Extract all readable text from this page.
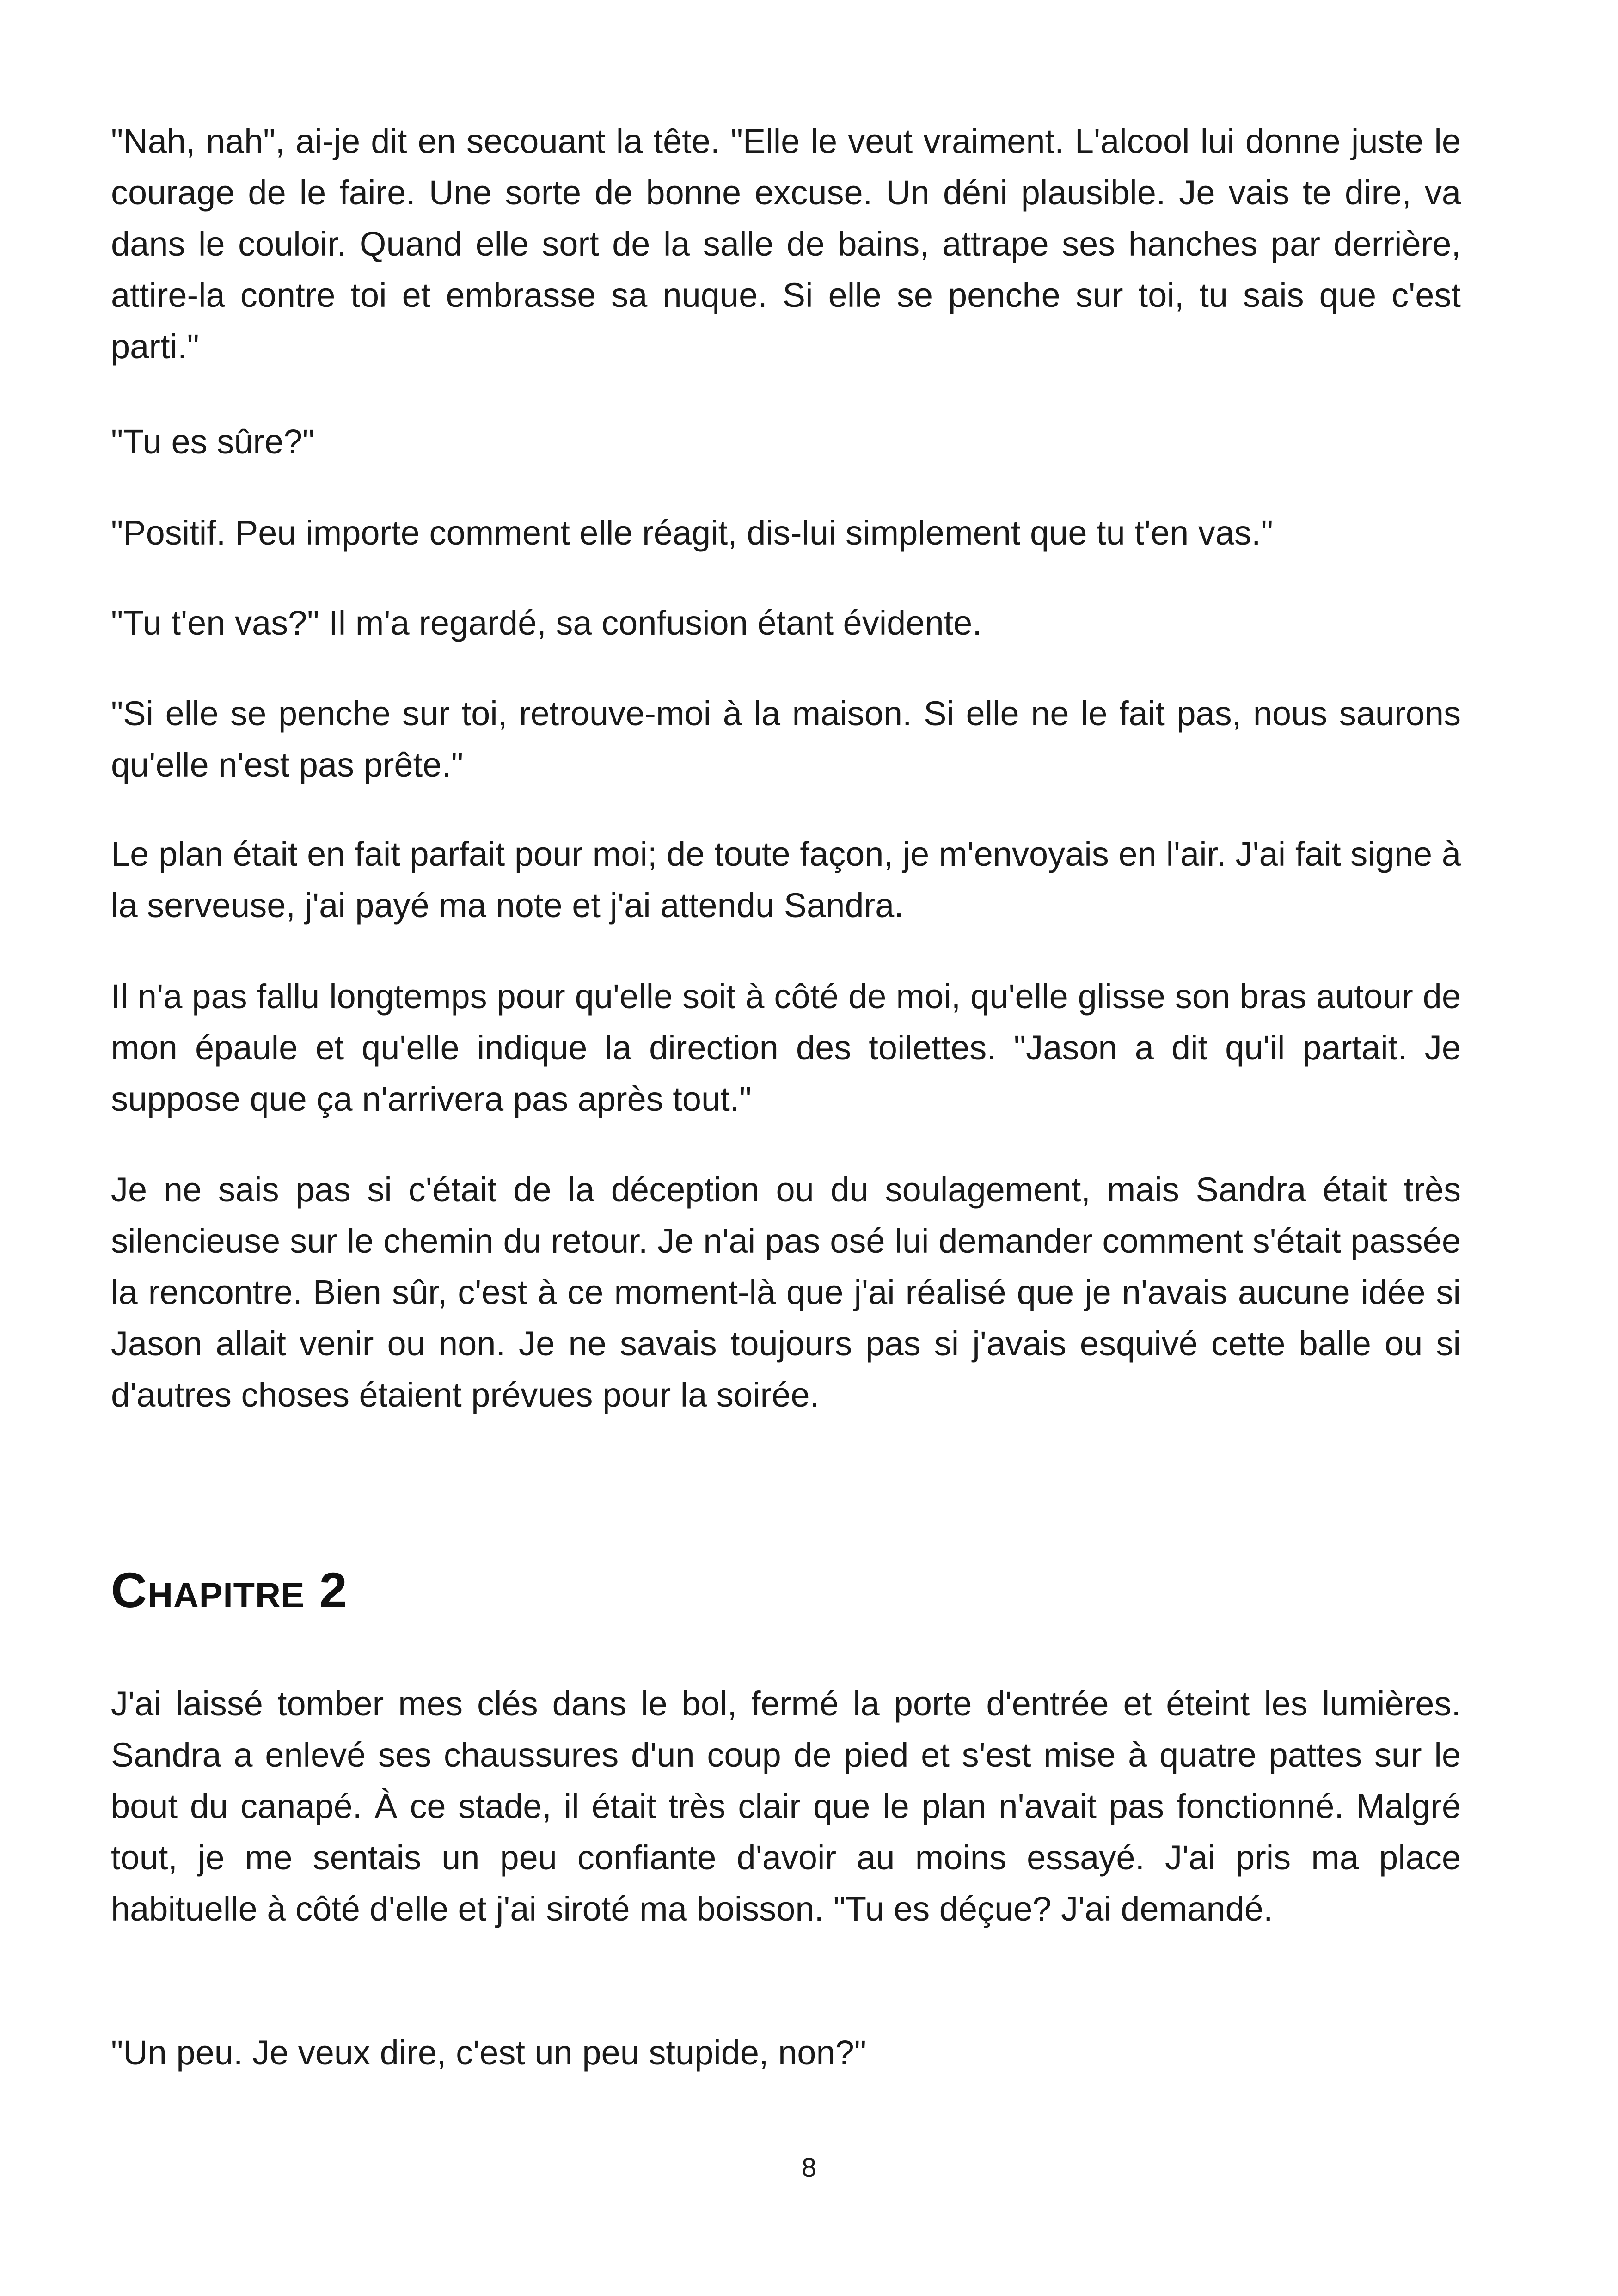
"Nah, nah", ai-je dit en secouant la tête. "Elle le veut vraiment. L'alcool lui donne juste le courage de le faire. Une sorte de bonne excuse. Un déni plausible. Je vais te dire, va dans le couloir. Quand elle sort de la salle de bains, attrape ses hanches par derrière, attire-la contre toi et embrasse sa nuque. Si elle se penche sur toi, tu sais que c'est parti."

"Tu es sûre?"

"Positif. Peu importe comment elle réagit, dis-lui simplement que tu t'en vas."

"Tu t'en vas?" Il m'a regardé, sa confusion étant évidente.

"Si elle se penche sur toi, retrouve-moi à la maison. Si elle ne le fait pas, nous saurons qu'elle n'est pas prête."

Le plan était en fait parfait pour moi; de toute façon, je m'envoyais en l'air. J'ai fait signe à la serveuse, j'ai payé ma note et j'ai attendu Sandra.

Il n'a pas fallu longtemps pour qu'elle soit à côté de moi, qu'elle glisse son bras autour de mon épaule et qu'elle indique la direction des toilettes. "Jason a dit qu'il partait. Je suppose que ça n'arrivera pas après tout."

Je ne sais pas si c'était de la déception ou du soulagement, mais Sandra était très silencieuse sur le chemin du retour. Je n'ai pas osé lui demander comment s'était passée la rencontre. Bien sûr, c'est à ce moment-là que j'ai réalisé que je n'avais aucune idée si Jason allait venir ou non. Je ne savais toujours pas si j'avais esquivé cette balle ou si d'autres choses étaient prévues pour la soirée.

Chapitre 2

J'ai laissé tomber mes clés dans le bol, fermé la porte d'entrée et éteint les lumières. Sandra a enlevé ses chaussures d'un coup de pied et s'est mise à quatre pattes sur le bout du canapé. À ce stade, il était très clair que le plan n'avait pas fonctionné. Malgré tout, je me sentais un peu confiante d'avoir au moins essayé. J'ai pris ma place habituelle à côté d'elle et j'ai siroté ma boisson. "Tu es déçue? J'ai demandé.

"Un peu. Je veux dire, c'est un peu stupide, non?"

8
